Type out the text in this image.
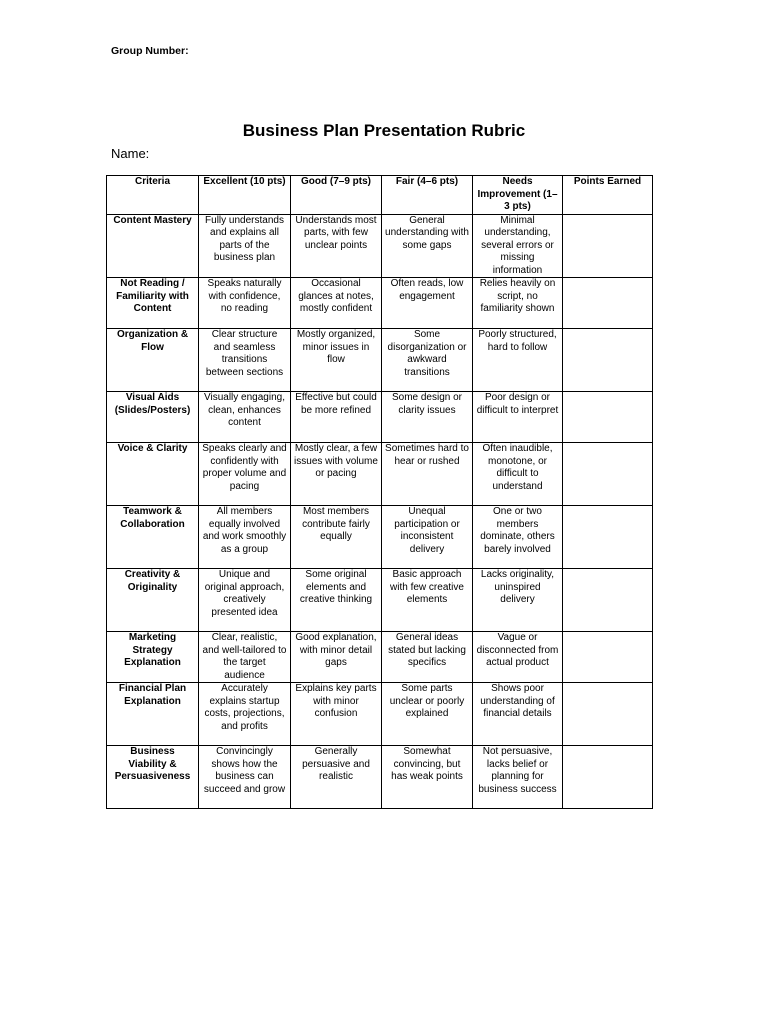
Group Number:
Business Plan Presentation Rubric
Name:
Criteria	Excellent (10 pts)	Good (7–9 pts)	Fair (4–6 pts)	Needs Improvement (1–3 pts)	Points Earned
Content Mastery	Fully understands and explains all parts of the business plan	Understands most parts, with few unclear points	General understanding with some gaps	Minimal understanding, several errors or missing information	
Not Reading / Familiarity with Content	Speaks naturally with confidence, no reading	Occasional glances at notes, mostly confident	Often reads, low engagement	Relies heavily on script, no familiarity shown	
Organization & Flow	Clear structure and seamless transitions between sections	Mostly organized, minor issues in flow	Some disorganization or awkward transitions	Poorly structured, hard to follow	
Visual Aids (Slides/Posters)	Visually engaging, clean, enhances content	Effective but could be more refined	Some design or clarity issues	Poor design or difficult to interpret	
Voice & Clarity	Speaks clearly and confidently with proper volume and pacing	Mostly clear, a few issues with volume or pacing	Sometimes hard to hear or rushed	Often inaudible, monotone, or difficult to understand	
Teamwork & Collaboration	All members equally involved and work smoothly as a group	Most members contribute fairly equally	Unequal participation or inconsistent delivery	One or two members dominate, others barely involved	
Creativity & Originality	Unique and original approach, creatively presented idea	Some original elements and creative thinking	Basic approach with few creative elements	Lacks originality, uninspired delivery	
Marketing Strategy Explanation	Clear, realistic, and well-tailored to the target audience	Good explanation, with minor detail gaps	General ideas stated but lacking specifics	Vague or disconnected from actual product	
Financial Plan Explanation	Accurately explains startup costs, projections, and profits	Explains key parts with minor confusion	Some parts unclear or poorly explained	Shows poor understanding of financial details	
Business Viability & Persuasiveness	Convincingly shows how the business can succeed and grow	Generally persuasive and realistic	Somewhat convincing, but has weak points	Not persuasive, lacks belief or planning for business success	
